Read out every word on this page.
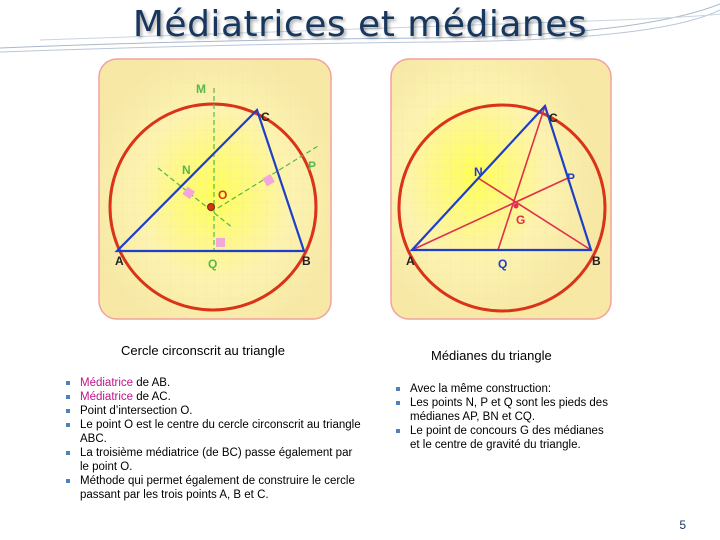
Médiatrices et médianes
M
C
N	P
O
A	Q	B
C
N	P
G
A	Q	B
Cercle circonscrit au triangle	Médianes du triangle
Médiatrice de AB.
Médiatrice de AC.
Point d’intersection O.
Le point O est le centre du cercle circonscrit au triangle ABC.
La troisième médiatrice (de BC) passe également par le point O.
Méthode qui permet également de construire le cercle passant par les trois points A, B et C.
Avec la même construction:
Les points N, P et Q sont les pieds des médianes AP, BN et CQ.
Le point de concours G des médianes et le centre de gravité du triangle.
5
